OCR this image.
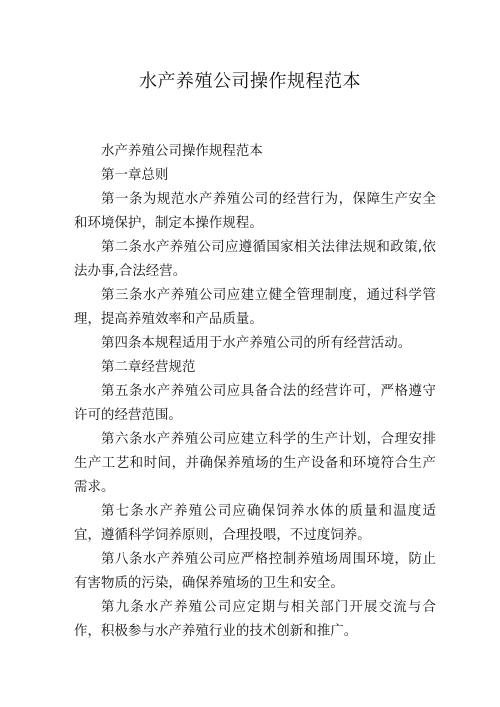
水产养殖公司操作规程范本

水产养殖公司操作规程范本

第一章总则

第一条为规范水产养殖公司的经营行为，保障生产安全和环境保护，制定本操作规程。

第二条水产养殖公司应遵循国家相关法律法规和政策,依法办事,合法经营。

第三条水产养殖公司应建立健全管理制度，通过科学管理，提高养殖效率和产品质量。

第四条本规程适用于水产养殖公司的所有经营活动。

第二章经营规范

第五条水产养殖公司应具备合法的经营许可，严格遵守许可的经营范围。

第六条水产养殖公司应建立科学的生产计划，合理安排生产工艺和时间，并确保养殖场的生产设备和环境符合生产需求。

第七条水产养殖公司应确保饲养水体的质量和温度适宜，遵循科学饲养原则，合理投喂，不过度饲养。

第八条水产养殖公司应严格控制养殖场周围环境，防止有害物质的污染，确保养殖场的卫生和安全。

第九条水产养殖公司应定期与相关部门开展交流与合作，积极参与水产养殖行业的技术创新和推广。
